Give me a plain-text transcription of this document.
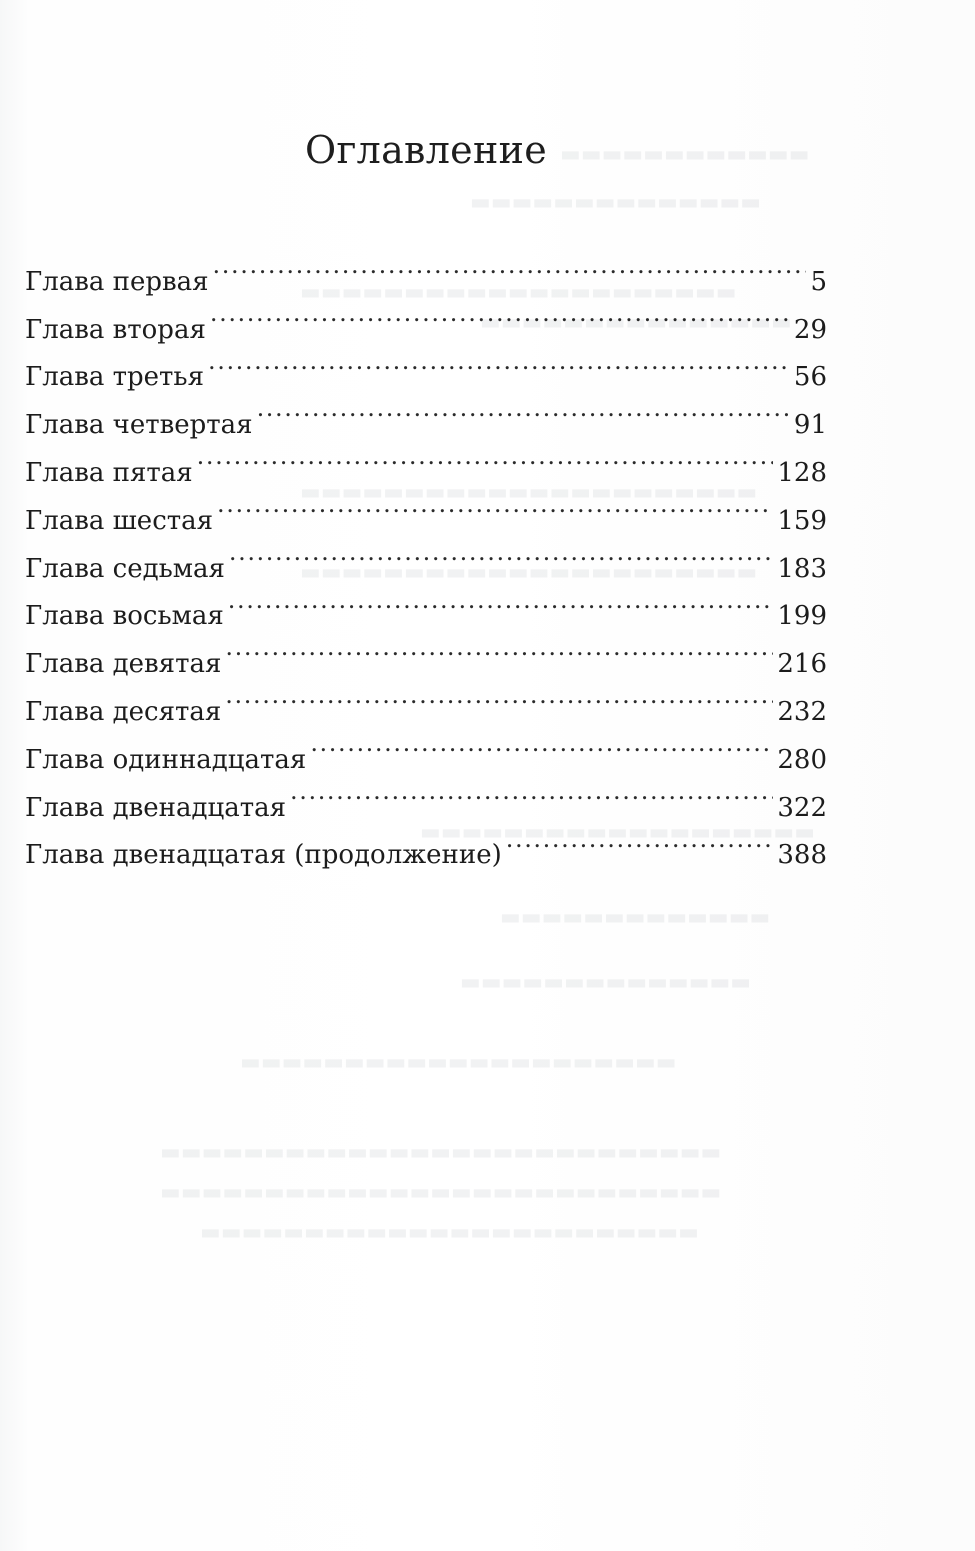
▬▬▬▬▬▬▬▬▬▬▬▬
▬▬▬▬▬▬▬▬▬▬▬▬▬▬
▬▬▬▬▬▬▬▬▬▬▬▬▬▬▬▬▬▬▬▬▬
▬▬▬▬▬▬▬▬▬▬▬▬▬▬▬
▬▬▬▬▬▬▬▬▬▬▬▬▬▬▬▬▬▬▬▬▬▬
▬▬▬▬▬▬▬▬▬▬▬▬▬▬▬▬▬▬▬▬▬▬
▬▬▬▬▬▬▬▬▬▬▬▬▬▬▬▬▬▬▬
▬▬▬▬▬▬▬▬▬▬▬▬▬
▬▬▬▬▬▬▬▬▬▬▬▬▬▬
▬▬▬▬▬▬▬▬▬▬▬▬▬▬▬▬▬▬▬▬▬
▬▬▬▬▬▬▬▬▬▬▬▬▬▬▬▬▬▬▬▬▬▬▬▬▬▬▬
▬▬▬▬▬▬▬▬▬▬▬▬▬▬▬▬▬▬▬▬▬▬▬▬▬▬▬
▬▬▬▬▬▬▬▬▬▬▬▬▬▬▬▬▬▬▬▬▬▬▬▬
Оглавление
Глава первая .....	5
Глава вторая .....	29
Глава третья .....	56
Глава четвертая .....	91
Глава пятая .....	128
Глава шестая .....	159
Глава седьмая .....	183
Глава восьмая .....	199
Глава девятая .....	216
Глава десятая .....	232
Глава одиннадцатая .....	280
Глава двенадцатая .....	322
Глава двенадцатая (продолжение) .....	388
